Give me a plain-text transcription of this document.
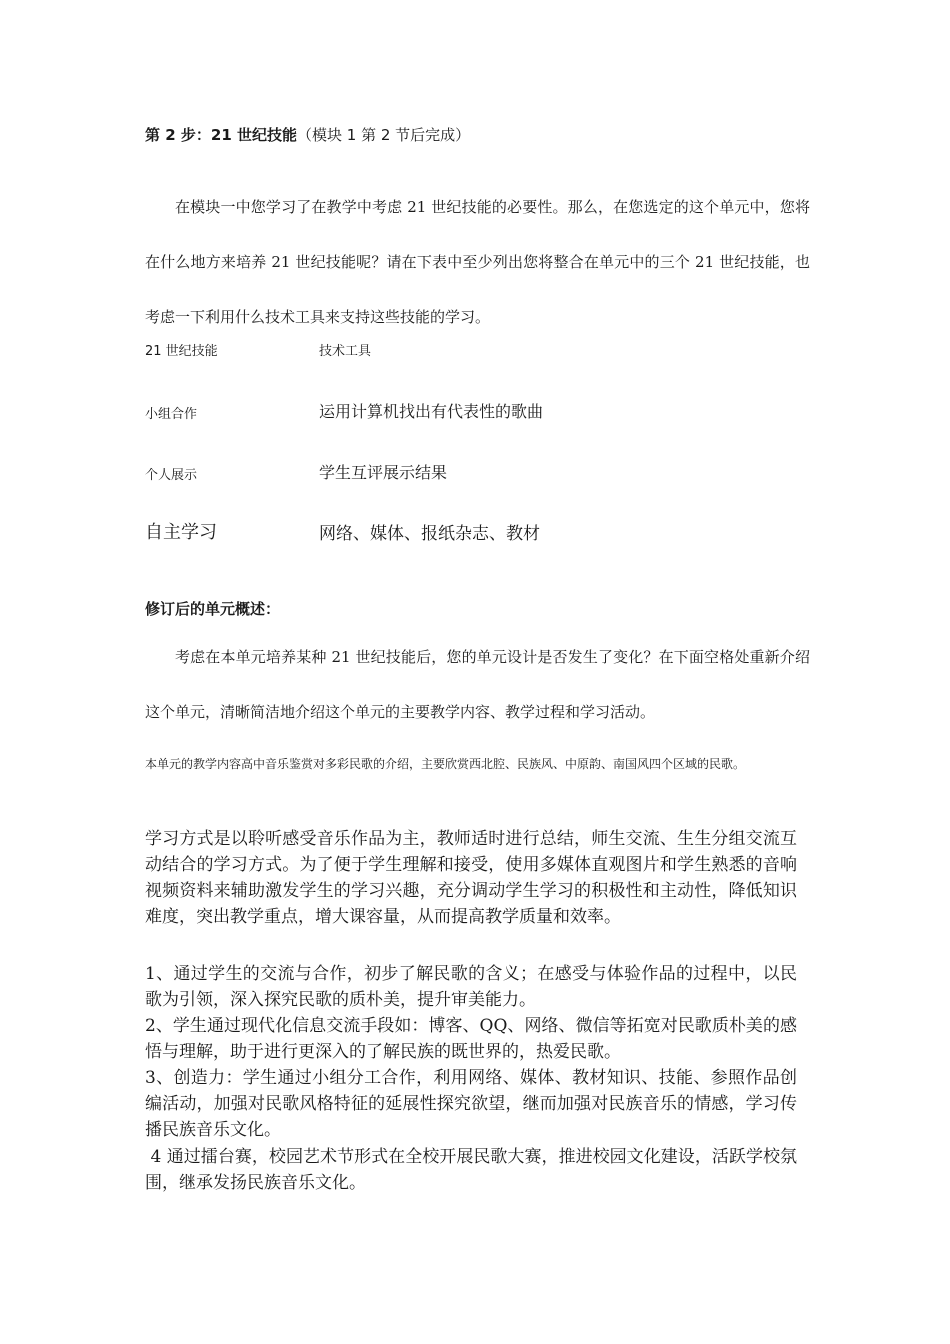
第 2 步：21 世纪技能（模块 1 第 2 节后完成）
在模块一中您学习了在教学中考虑 21 世纪技能的必要性。那么，在您选定的这个单元中，您将在什么地方来培养 21 世纪技能呢？请在下表中至少列出您将整合在单元中的三个 21 世纪技能，也考虑一下利用什么技术工具来支持这些技能的学习。
21 世纪技能	技术工具
小组合作	运用计算机找出有代表性的歌曲
个人展示	学生互评展示结果
自主学习	网络、媒体、报纸杂志、教材
修订后的单元概述：
考虑在本单元培养某种 21 世纪技能后，您的单元设计是否发生了变化？在下面空格处重新介绍这个单元，清晰简洁地介绍这个单元的主要教学内容、教学过程和学习活动。
本单元的教学内容高中音乐鉴赏对多彩民歌的介绍，主要欣赏西北腔、民族风、中原韵、南国风四个区域的民歌。
学习方式是以聆听感受音乐作品为主，教师适时进行总结，师生交流、生生分组交流互动结合的学习方式。为了便于学生理解和接受，使用多媒体直观图片和学生熟悉的音响视频资料来辅助激发学生的学习兴趣，充分调动学生学习的积极性和主动性，降低知识难度，突出教学重点，增大课容量，从而提高教学质量和效率。
1、通过学生的交流与合作，初步了解民歌的含义；在感受与体验作品的过程中，以民歌为引领，深入探究民歌的质朴美，提升审美能力。
2、学生通过现代化信息交流手段如：博客、QQ、网络、微信等拓宽对民歌质朴美的感悟与理解，助于进行更深入的了解民族的既世界的，热爱民歌。
3、创造力：学生通过小组分工合作，利用网络、媒体、教材知识、技能、参照作品创编活动，加强对民歌风格特征的延展性探究欲望，继而加强对民族音乐的情感，学习传播民族音乐文化。
4 通过擂台赛，校园艺术节形式在全校开展民歌大赛，推进校园文化建设，活跃学校氛围，继承发扬民族音乐文化。
